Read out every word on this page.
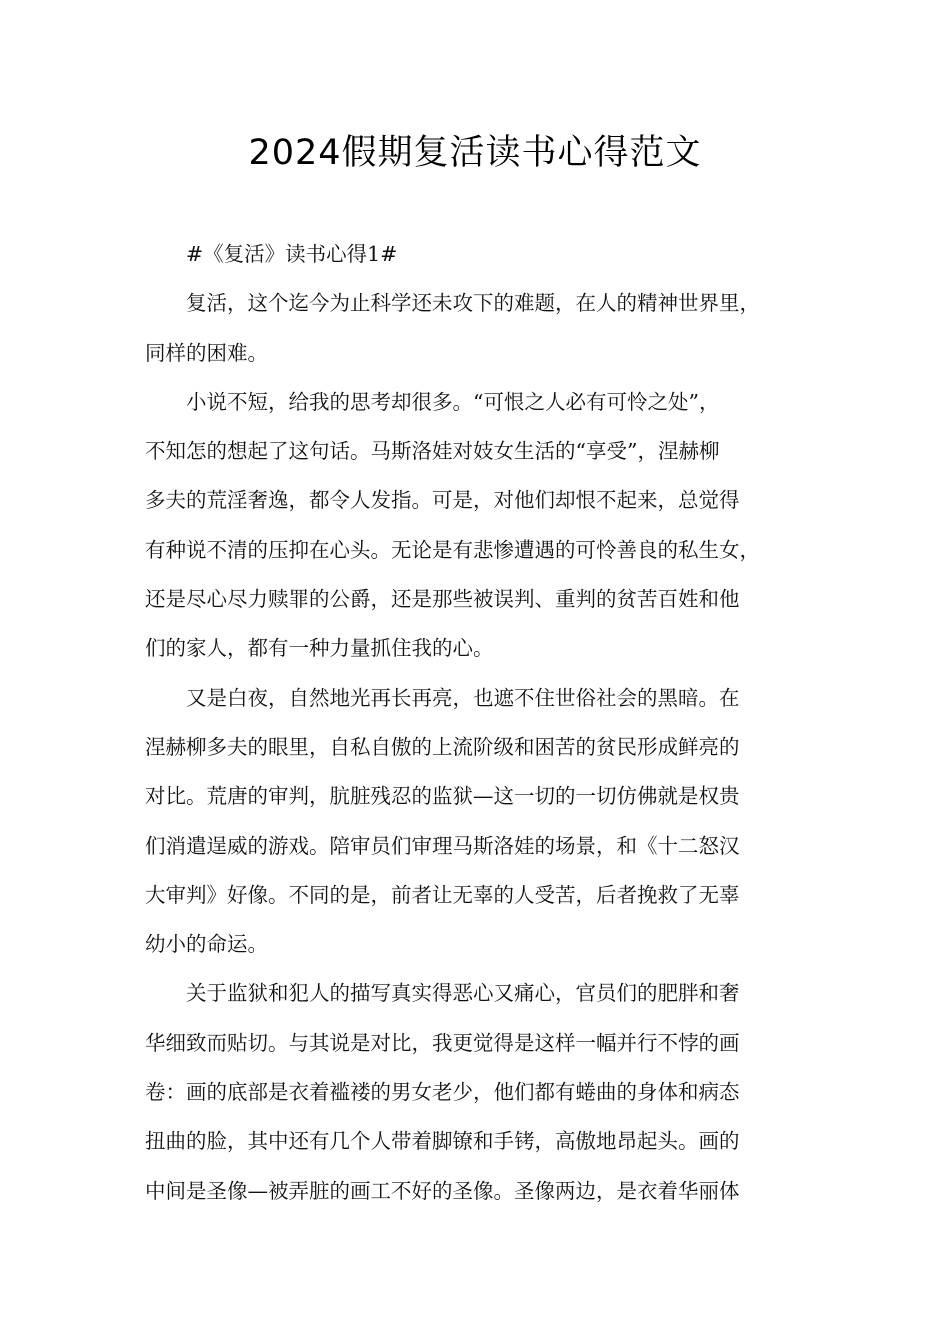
2024假期复活读书心得范文
#《复活》读书心得1#
复活，这个迄今为止科学还未攻下的难题，在人的精神世界里，
同样的困难。
小说不短，给我的思考却很多。“可恨之人必有可怜之处”，
不知怎的想起了这句话。马斯洛娃对妓女生活的“享受”，涅赫柳
多夫的荒淫奢逸，都令人发指。可是，对他们却恨不起来，总觉得
有种说不清的压抑在心头。无论是有悲惨遭遇的可怜善良的私生女，
还是尽心尽力赎罪的公爵，还是那些被误判、重判的贫苦百姓和他
们的家人，都有一种力量抓住我的心。
又是白夜，自然地光再长再亮，也遮不住世俗社会的黑暗。在
涅赫柳多夫的眼里，自私自傲的上流阶级和困苦的贫民形成鲜亮的
对比。荒唐的审判，肮脏残忍的监狱—这一切的一切仿佛就是权贵
们消遣逞威的游戏。陪审员们审理马斯洛娃的场景，和《十二怒汉
大审判》好像。不同的是，前者让无辜的人受苦，后者挽救了无辜
幼小的命运。
关于监狱和犯人的描写真实得恶心又痛心，官员们的肥胖和奢
华细致而贴切。与其说是对比，我更觉得是这样一幅并行不悖的画
卷：画的底部是衣着褴褛的男女老少，他们都有蜷曲的身体和病态
扭曲的脸，其中还有几个人带着脚镣和手铐，高傲地昂起头。画的
中间是圣像—被弄脏的画工不好的圣像。圣像两边，是衣着华丽体
